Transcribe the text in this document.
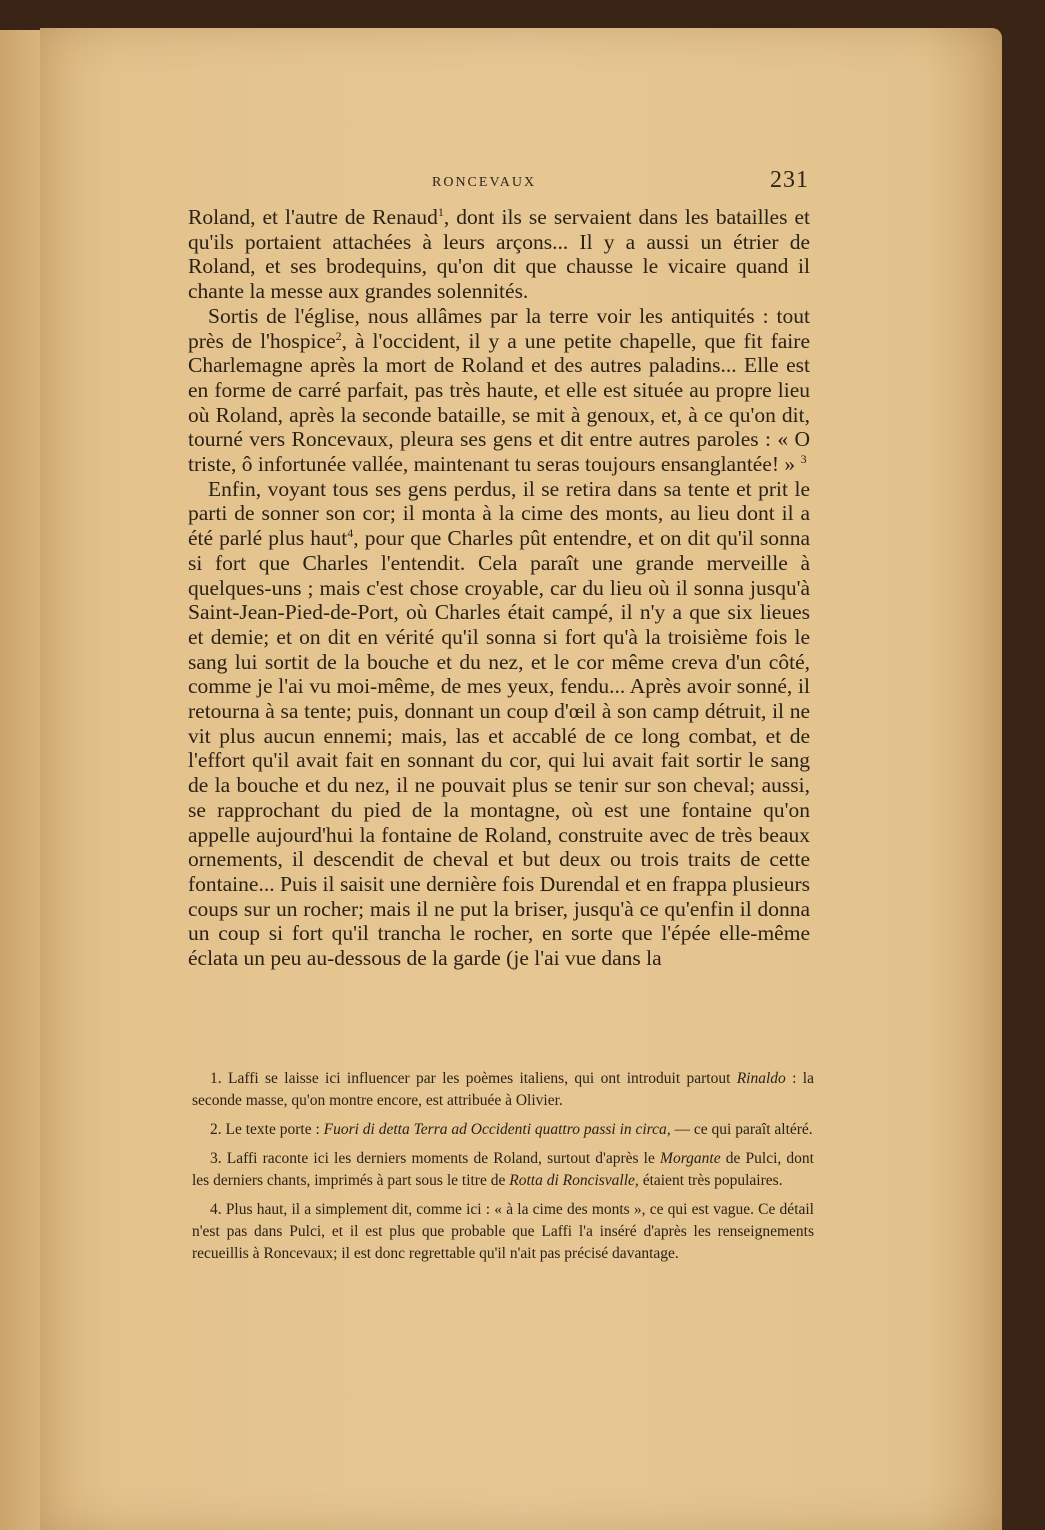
RONCEVAUX	231

Roland, et l'autre de Renaud$^1$, dont ils se servaient dans les batailles et qu'ils portaient attachées à leurs arçons... Il y a aussi un étrier de Roland, et ses brodequins, qu'on dit que chausse le vicaire quand il chante la messe aux grandes solennités.

Sortis de l'église, nous allâmes par la terre voir les antiquités : tout près de l'hospice$^2$, à l'occident, il y a une petite chapelle, que fit faire Charlemagne après la mort de Roland et des autres paladins... Elle est en forme de carré parfait, pas très haute, et elle est située au propre lieu où Roland, après la seconde bataille, se mit à genoux, et, à ce qu'on dit, tourné vers Roncevaux, pleura ses gens et dit entre autres paroles : « O triste, ô infortunée vallée, maintenant tu seras toujours ensanglantée! » $^3$

Enfin, voyant tous ses gens perdus, il se retira dans sa tente et prit le parti de sonner son cor; il monta à la cime des monts, au lieu dont il a été parlé plus haut$^4$, pour que Charles pût entendre, et on dit qu'il sonna si fort que Charles l'entendit. Cela paraît une grande merveille à quelques-uns ; mais c'est chose croyable, car du lieu où il sonna jusqu'à Saint-Jean-Pied-de-Port, où Charles était campé, il n'y a que six lieues et demie; et on dit en vérité qu'il sonna si fort qu'à la troisième fois le sang lui sortit de la bouche et du nez, et le cor même creva d'un côté, comme je l'ai vu moi-même, de mes yeux, fendu... Après avoir sonné, il retourna à sa tente; puis, donnant un coup d'œil à son camp détruit, il ne vit plus aucun ennemi; mais, las et accablé de ce long combat, et de l'effort qu'il avait fait en sonnant du cor, qui lui avait fait sortir le sang de la bouche et du nez, il ne pouvait plus se tenir sur son cheval; aussi, se rapprochant du pied de la montagne, où est une fontaine qu'on appelle aujourd'hui la fontaine de Roland, construite avec de très beaux ornements, il descendit de cheval et but deux ou trois traits de cette fontaine... Puis il saisit une dernière fois Durendal et en frappa plusieurs coups sur un rocher; mais il ne put la briser, jusqu'à ce qu'enfin il donna un coup si fort qu'il trancha le rocher, en sorte que l'épée elle-même éclata un peu au-dessous de la garde (je l'ai vue dans la

1. Laffi se laisse ici influencer par les poèmes italiens, qui ont introduit partout Rinaldo : la seconde masse, qu'on montre encore, est attribuée à Olivier.

2. Le texte porte : Fuori di detta Terra ad Occidenti quattro passi in circa, — ce qui paraît altéré.

3. Laffi raconte ici les derniers moments de Roland, surtout d'après le Morgante de Pulci, dont les derniers chants, imprimés à part sous le titre de Rotta di Roncisvalle, étaient très populaires.

4. Plus haut, il a simplement dit, comme ici : « à la cime des monts », ce qui est vague. Ce détail n'est pas dans Pulci, et il est plus que probable que Laffi l'a inséré d'après les renseignements recueillis à Roncevaux; il est donc regrettable qu'il n'ait pas précisé davantage.
